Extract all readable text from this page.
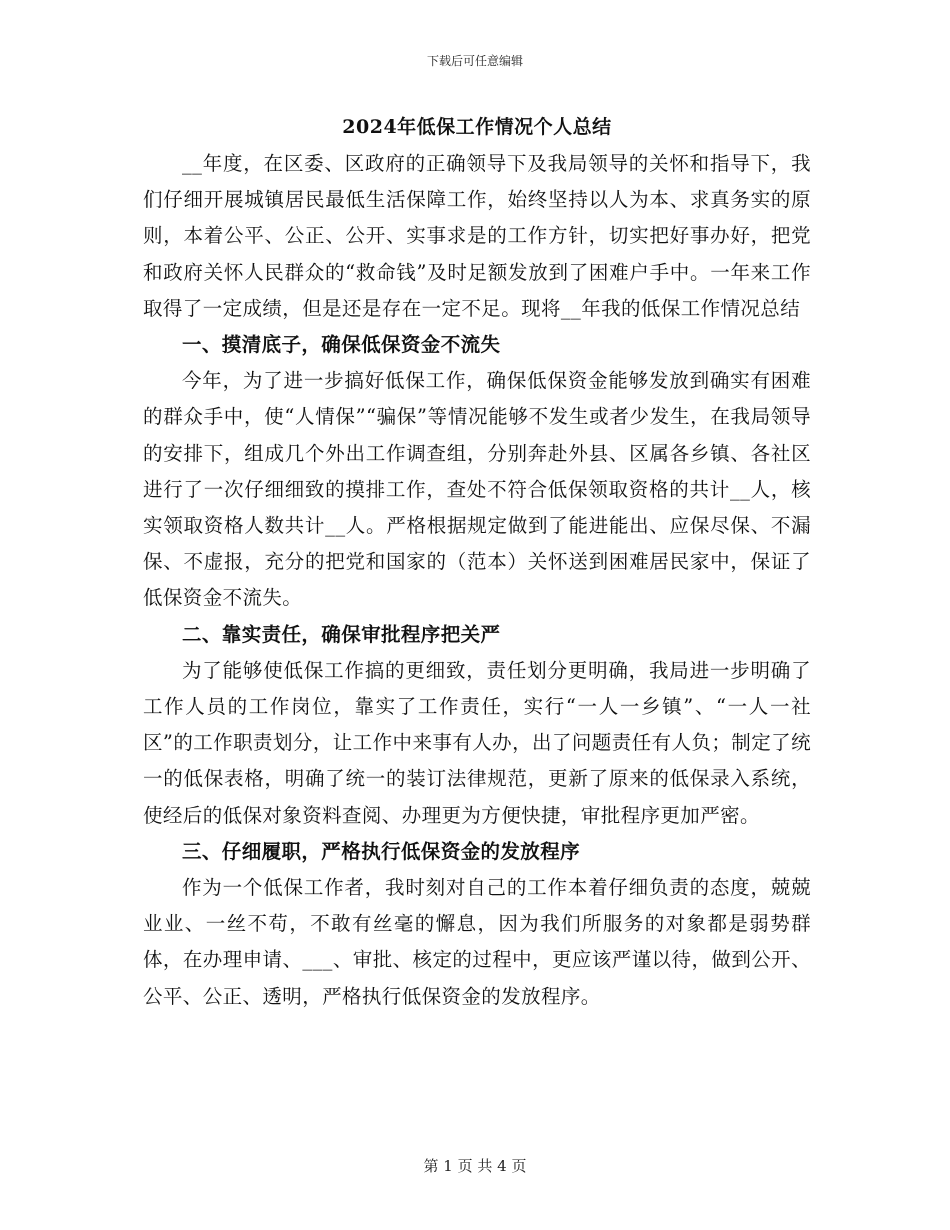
下载后可任意编辑
2024年低保工作情况个人总结

__年度，在区委、区政府的正确领导下及我局领导的关怀和指导下，我们仔细开展城镇居民最低生活保障工作，始终坚持以人为本、求真务实的原则，本着公平、公正、公开、实事求是的工作方针，切实把好事办好，把党和政府关怀人民群众的“救命钱”及时足额发放到了困难户手中。一年来工作取得了一定成绩，但是还是存在一定不足。现将__年我的低保工作情况总结

一、摸清底子，确保低保资金不流失

今年，为了进一步搞好低保工作，确保低保资金能够发放到确实有困难的群众手中，使“人情保”“骗保”等情况能够不发生或者少发生，在我局领导的安排下，组成几个外出工作调查组，分别奔赴外县、区属各乡镇、各社区进行了一次仔细细致的摸排工作，查处不符合低保领取资格的共计__人，核实领取资格人数共计__人。严格根据规定做到了能进能出、应保尽保、不漏保、不虚报，充分的把党和国家的（范本）关怀送到困难居民家中，保证了低保资金不流失。

二、靠实责任，确保审批程序把关严

为了能够使低保工作搞的更细致，责任划分更明确，我局进一步明确了工作人员的工作岗位，靠实了工作责任，实行“一人一乡镇”、“一人一社区”的工作职责划分，让工作中来事有人办，出了问题责任有人负；制定了统一的低保表格，明确了统一的装订法律规范，更新了原来的低保录入系统，使经后的低保对象资料查阅、办理更为方便快捷，审批程序更加严密。

三、仔细履职，严格执行低保资金的发放程序

作为一个低保工作者，我时刻对自己的工作本着仔细负责的态度，兢兢业业、一丝不苟，不敢有丝毫的懈息，因为我们所服务的对象都是弱势群体，在办理申请、___、审批、核定的过程中，更应该严谨以待，做到公开、公平、公正、透明，严格执行低保资金的发放程序。

第 1 页 共 4 页
